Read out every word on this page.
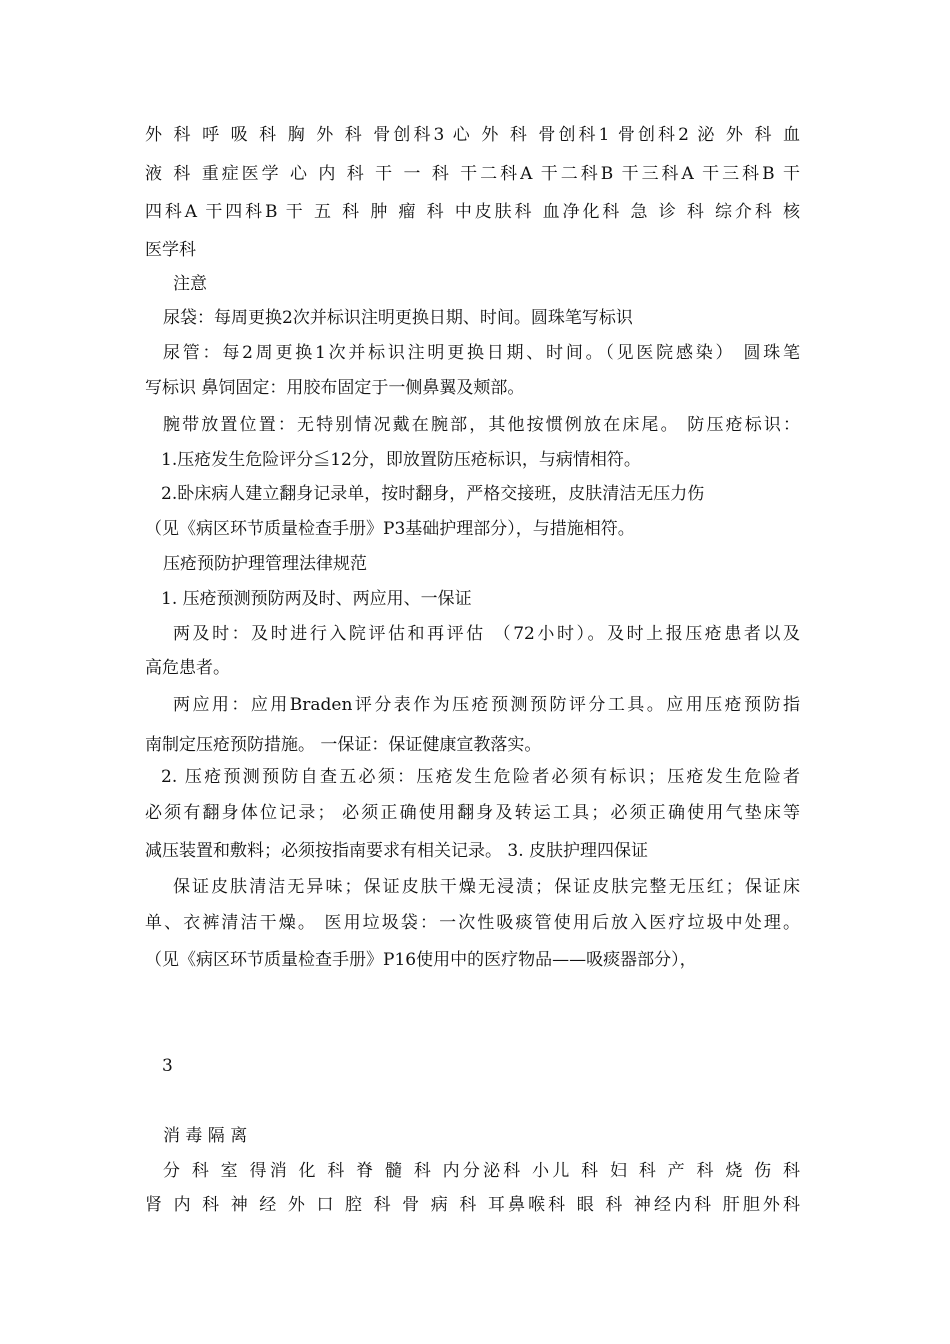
外 科 呼 吸 科 胸 外 科 骨创科3 心 外 科 骨创科1 骨创科2 泌 外 科 血

液 科 重症医学 心 内 科 干 一 科 干二科A 干二科B 干三科A 干三科B 干

四科A 干四科B 干 五 科 肿 瘤 科 中皮肤科 血净化科 急 诊 科 综介科 核

医学科

注意

尿袋：每周更换2次并标识注明更换日期、时间。圆珠笔写标识

尿管：每2周更换1次并标识注明更换日期、时间。（见医院感染） 圆珠笔

写标识 鼻饲固定：用胶布固定于一侧鼻翼及颊部。

腕带放置位置：无特别情况戴在腕部，其他按惯例放在床尾。 防压疮标识：

1.压疮发生危险评分≦12分，即放置防压疮标识，与病情相符。

2.卧床病人建立翻身记录单，按时翻身，严格交接班，皮肤清洁无压力伤

（见《病区环节质量检查手册》P3基础护理部分），与措施相符。

压疮预防护理管理法律规范

1. 压疮预测预防两及时、两应用、一保证

两及时：及时进行入院评估和再评估 （72小时）。及时上报压疮患者以及

高危患者。

两应用：应用Braden评分表作为压疮预测预防评分工具。应用压疮预防指

南制定压疮预防措施。 一保证：保证健康宣教落实。

2. 压疮预测预防自查五必须：压疮发生危险者必须有标识；压疮发生危险者

必须有翻身体位记录； 必须正确使用翻身及转运工具；必须正确使用气垫床等

减压装置和敷料；必须按指南要求有相关记录。 3. 皮肤护理四保证

保证皮肤清洁无异味；保证皮肤干燥无浸渍；保证皮肤完整无压红；保证床

单、衣裤清洁干燥。 医用垃圾袋：一次性吸痰管使用后放入医疗垃圾中处理。

（见《病区环节质量检查手册》P16使用中的医疗物品——吸痰器部分），

3

消 毒 隔 离

分 科 室 得消 化 科 脊 髓 科 内分泌科 小儿 科 妇 科 产 科 烧 伤 科

肾 内 科 神 经 外 口 腔 科 骨 病 科 耳鼻喉科 眼 科 神经内科 肝胆外科
